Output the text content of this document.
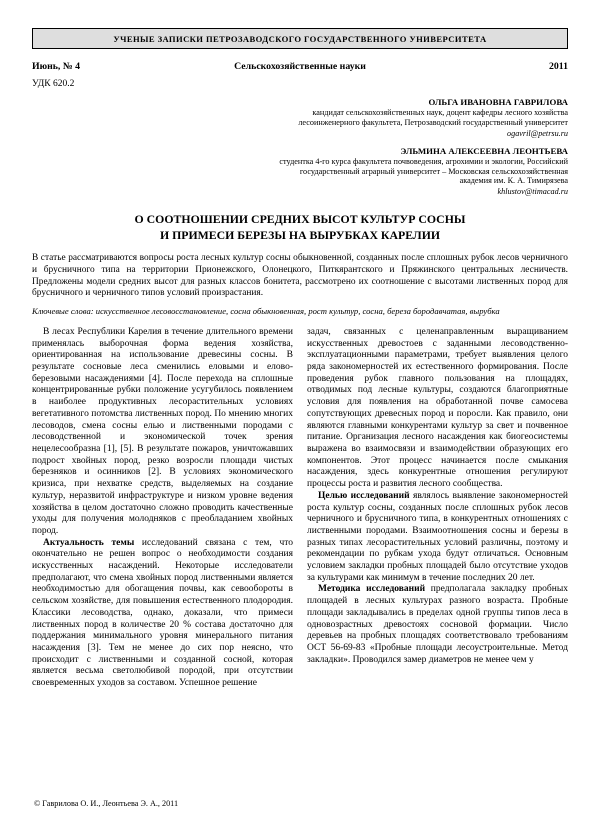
УЧЕНЫЕ ЗАПИСКИ ПЕТРОЗАВОДСКОГО ГОСУДАРСТВЕННОГО УНИВЕРСИТЕТА
Июнь, № 4	Сельскохозяйственные науки	2011
УДК 620.2
ОЛЬГА ИВАНОВНА ГАВРИЛОВА
кандидат сельскохозяйственных наук, доцент кафедры лесного хозяйства лесоинженерного факультета, Петрозаводский государственный университет
ogavril@petrsu.ru
ЭЛЬМИНА АЛЕКСЕЕВНА ЛЕОНТЬЕВА
студентка 4-го курса факультета почвоведения, агрохимии и экологии, Российский государственный аграрный университет – Московская сельскохозяйственная академия им. К. А. Тимирязева
khlustov@timacad.ru
О СООТНОШЕНИИ СРЕДНИХ ВЫСОТ КУЛЬТУР СОСНЫ
И ПРИМЕСИ БЕРЕЗЫ НА ВЫРУБКАХ КАРЕЛИИ

В статье рассматриваются вопросы роста лесных культур сосны обыкновенной, созданных после сплошных рубок лесов черничного и брусничного типа на территории Прионежского, Олонецкого, Питкярантского и Пряжинского центральных лесничеств. Предложены модели средних высот для разных классов бонитета, рассмотрено их соотношение с высотами лиственных пород для брусничного и черничного типов условий произрастания.

Ключевые слова: искусственное лесовосстановление, сосна обыкновенная, рост культур, сосна, береза бородавчатая, вырубка

В лесах Республики Карелия в течение длительного времени применялась выборочная форма ведения хозяйства, ориентированная на использование древесины сосны. В результате сосновые леса сменились еловыми и елово-березовыми насаждениями [4]. После перехода на сплошные концентрированные рубки положение усугубилось появлением в наиболее продуктивных лесорастительных условиях вегетативного потомства лиственных пород. По мнению многих лесоводов, смена сосны елью и лиственными породами с лесоводственной и экономической точек зрения нецелесообразна [1], [5]. В результате пожаров, уничтожавших подрост хвойных пород, резко возросли площади чистых березняков и осинников [2]. В условиях экономического кризиса, при нехватке средств, выделяемых на создание культур, неразвитой инфраструктуре и низком уровне ведения хозяйства в целом достаточно сложно проводить качественные уходы для получения молодняков с преобладанием хвойных пород.

Актуальность темы исследований связана с тем, что окончательно не решен вопрос о необходимости создания искусственных насаждений. Некоторые исследователи предполагают, что смена хвойных пород лиственными является необходимостью для обогащения почвы, как севообороты в сельском хозяйстве, для повышения естественного плодородия. Классики лесоводства, однако, доказали, что примеси лиственных пород в количестве 20 % состава достаточно для поддержания минимального уровня минерального питания насаждения [3]. Тем не менее до сих пор неясно, что происходит с лиственными и созданной сосной, которая является весьма светолюбивой породой, при отсутствии своевременных уходов за составом. Успешное решение

задач, связанных с целенаправленным выращиванием искусственных древостоев с заданными лесоводственно-эксплуатационными параметрами, требует выявления целого ряда закономерностей их естественного формирования. После проведения рубок главного пользования на площадях, отводимых под лесные культуры, создаются благоприятные условия для появления на обработанной почве самосева сопутствующих древесных пород и поросли. Как правило, они являются главными конкурентами культур за свет и почвенное питание. Организация лесного насаждения как биогеосистемы выражена во взаимосвязи и взаимодействии образующих его компонентов. Этот процесс начинается после смыкания насаждения, здесь конкурентные отношения регулируют процессы роста и развития лесного сообщества.

Целью исследований являлось выявление закономерностей роста культур сосны, созданных после сплошных рубок лесов черничного и брусничного типа, в конкурентных отношениях с лиственными породами. Взаимоотношения сосны и березы в разных типах лесорастительных условий различны, поэтому и рекомендации по рубкам ухода будут отличаться. Основным условием закладки пробных площадей было отсутствие уходов за культурами как минимум в течение последних 20 лет.

Методика исследований предполагала закладку пробных площадей в лесных культурах разного возраста. Пробные площади закладывались в пределах одной группы типов леса в одновозрастных древостоях сосновой формации. Число деревьев на пробных площадях соответствовало требованиям ОСТ 56-69-83 «Пробные площади лесоустроительные. Метод закладки». Проводился замер диаметров не менее чем у

© Гаврилова О. И., Леонтьева Э. А., 2011
